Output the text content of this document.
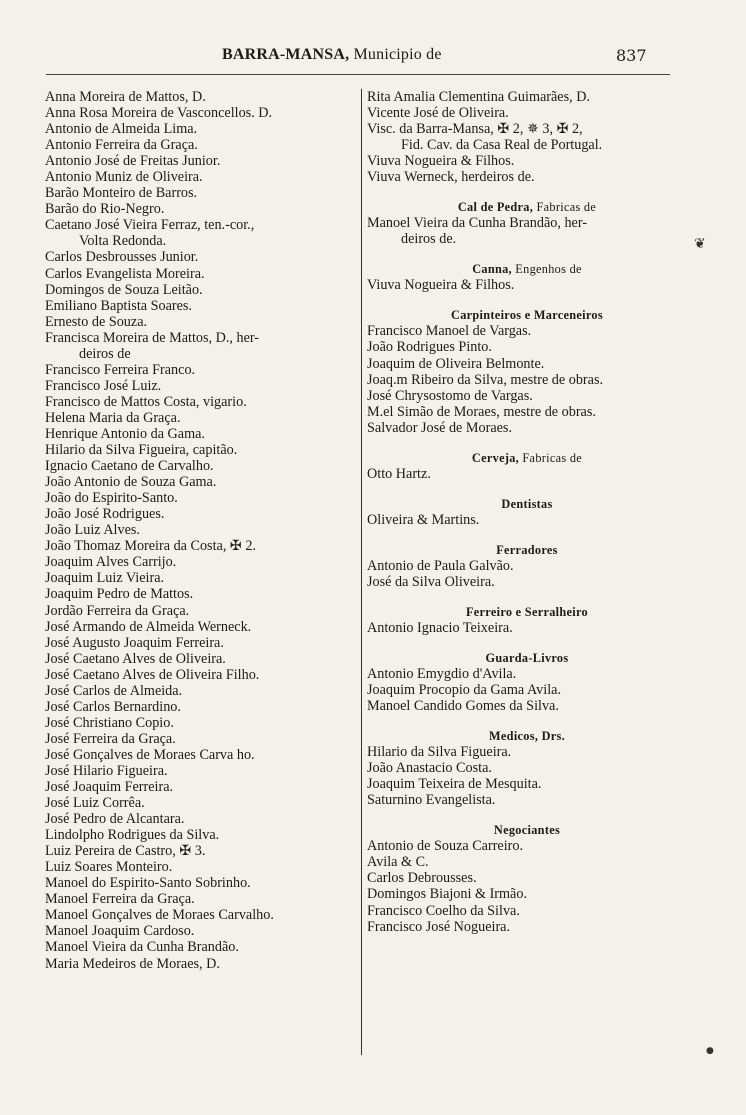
BARRA-MANSA, Municipio de	837
Anna Moreira de Mattos, D.
Anna Rosa Moreira de Vasconcellos. D.
Antonio de Almeida Lima.
Antonio Ferreira da Graça.
Antonio José de Freitas Junior.
Antonio Muniz de Oliveira.
Barão Monteiro de Barros.
Barão do Rio-Negro.
Caetano José Vieira Ferraz, ten.-cor.,
Volta Redonda.
Carlos Desbrousses Junior.
Carlos Evangelista Moreira.
Domingos de Souza Leitão.
Emiliano Baptista Soares.
Ernesto de Souza.
Francisca Moreira de Mattos, D., her-
deiros de
Francisco Ferreira Franco.
Francisco José Luiz.
Francisco de Mattos Costa, vigario.
Helena Maria da Graça.
Henrique Antonio da Gama.
Hilario da Silva Figueira, capitão.
Ignacio Caetano de Carvalho.
João Antonio de Souza Gama.
João do Espirito-Santo.
João José Rodrigues.
João Luiz Alves.
João Thomaz Moreira da Costa, ✠ 2.
Joaquim Alves Carrijo.
Joaquim Luiz Vieira.
Joaquim Pedro de Mattos.
Jordão Ferreira da Graça.
José Armando de Almeida Werneck.
José Augusto Joaquim Ferreira.
José Caetano Alves de Oliveira.
José Caetano Alves de Oliveira Filho.
José Carlos de Almeida.
José Carlos Bernardino.
José Christiano Copio.
José Ferreira da Graça.
José Gonçalves de Moraes Carva ho.
José Hilario Figueira.
José Joaquim Ferreira.
José Luiz Corrêa.
José Pedro de Alcantara.
Lindolpho Rodrigues da Silva.
Luiz Pereira de Castro, ✠ 3.
Luiz Soares Monteiro.
Manoel do Espirito-Santo Sobrinho.
Manoel Ferreira da Graça.
Manoel Gonçalves de Moraes Carvalho.
Manoel Joaquim Cardoso.
Manoel Vieira da Cunha Brandão.
Maria Medeiros de Moraes, D.
Rita Amalia Clementina Guimarães, D.
Vicente José de Oliveira.
Visc. da Barra-Mansa, ✠ 2, ✵ 3, ✠ 2,
Fid. Cav. da Casa Real de Portugal.
Viuva Nogueira & Filhos.
Viuva Werneck, herdeiros de.
Cal de Pedra, Fabricas de
Manoel Vieira da Cunha Brandão, her-
deiros de.
Canna, Engenhos de
Viuva Nogueira & Filhos.
Carpinteiros e Marceneiros
Francisco Manoel de Vargas.
João Rodrigues Pinto.
Joaquim de Oliveira Belmonte.
Joaq.m Ribeiro da Silva, mestre de obras.
José Chrysostomo de Vargas.
M.el Simão de Moraes, mestre de obras.
Salvador José de Moraes.
Cerveja, Fabricas de
Otto Hartz.
Dentistas
Oliveira & Martins.
Ferradores
Antonio de Paula Galvão.
José da Silva Oliveira.
Ferreiro e Serralheiro
Antonio Ignacio Teixeira.
Guarda-Livros
Antonio Emygdio d'Avila.
Joaquim Procopio da Gama Avila.
Manoel Candido Gomes da Silva.
Medicos, Drs.
Hilario da Silva Figueira.
João Anastacio Costa.
Joaquim Teixeira de Mesquita.
Saturnino Evangelista.
Negociantes
Antonio de Souza Carreiro.
Avila & C.
Carlos Debrousses.
Domingos Biajoni & Irmão.
Francisco Coelho da Silva.
Francisco José Nogueira.
❦
●
